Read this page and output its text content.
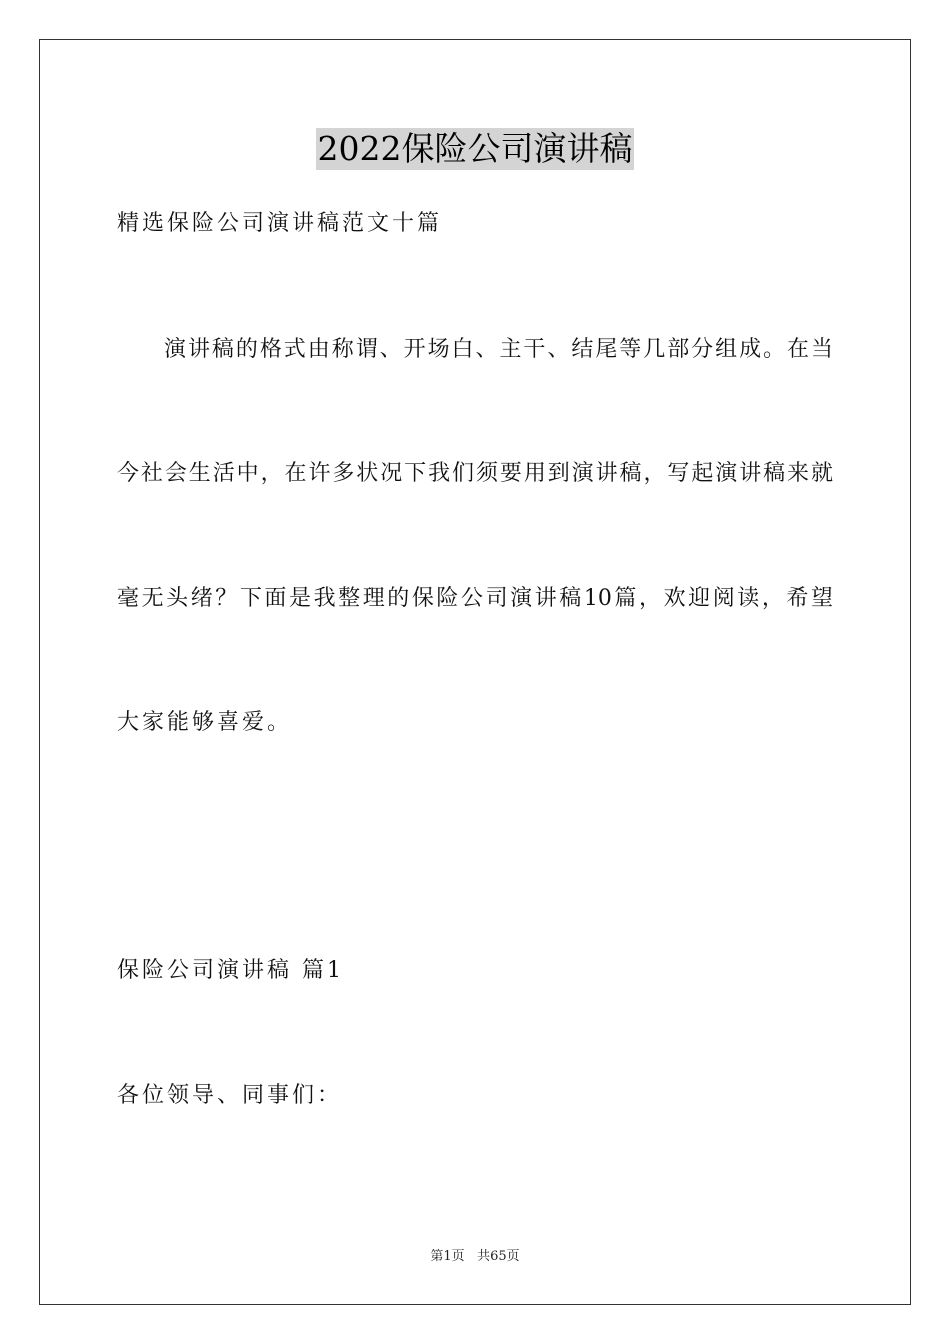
2022保险公司演讲稿
精选保险公司演讲稿范文十篇
演讲稿的格式由称谓、开场白、主干、结尾等几部分组成。在当
今社会生活中，在许多状况下我们须要用到演讲稿，写起演讲稿来就
毫无头绪？下面是我整理的保险公司演讲稿10篇，欢迎阅读，希望
大家能够喜爱。
保险公司演讲稿 篇1
各位领导、同事们：
第1页 共65页
